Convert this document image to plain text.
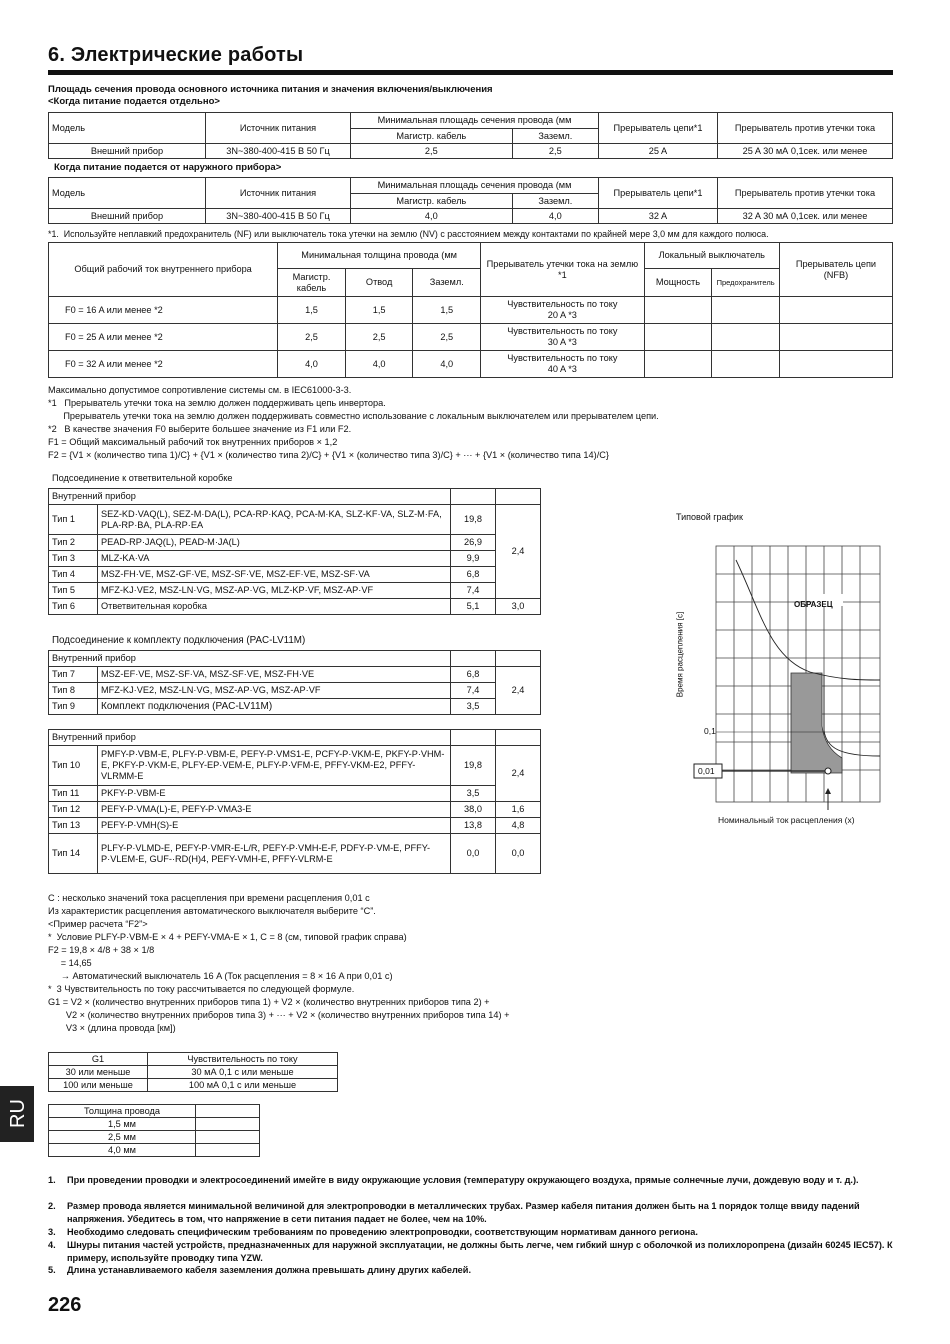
6. Электрические работы
Площадь сечения провода основного источника питания и значения включения/выключения
<Когда питание подается отдельно>
Модель	Источник питания	Минимальная площадь сечения провода (мм		Прерыватель цепи*1	Прерыватель против утечки тока
		Магистр. кабель	Заземл.		
Внешний прибор	3N~380-400-415 В 50 Гц	2,5	2,5	25 A	25 A 30 мА 0,1сек. или менее
Когда питание подается от наружного прибора>
Модель	Источник питания	Минимальная площадь сечения провода (мм		Прерыватель цепи*1	Прерыватель против утечки тока
		Магистр. кабель	Заземл.		
Внешний прибор	3N~380-400-415 В 50 Гц	4,0	4,0	32 A	32 A 30 мА 0,1сек. или менее
*1.  Используйте неплавкий предохранитель (NF) или выключатель тока утечки на землю (NV) с расстоянием между контактами по крайней мере 3,0 мм для каждого полюса.
Общий рабочий ток внутреннего прибора	Минимальная толщина провода (мм			Прерыватель утечки тока на землю *1	Локальный выключатель		Прерыватель цепи (NFB)
	Магистр. кабель	Отвод	Заземл.		Мощность	Предохранитель	
F0 = 16 A или менее *2	1,5	1,5	1,5	Чувствительность по току
20 A *3			

F0 = 25 A или менее *2	2,5	2,5	2,5	Чувствительность по току
30 A *3			

F0 = 32 A или менее *2	4,0	4,0	4,0	Чувствительность по току
40 A *3			

Максимально допустимое сопротивление системы см. в IEC61000-3-3.
*1   Прерыватель утечки тока на землю должен поддерживать цепь инвертора.
Прерыватель утечки тока на землю должен поддерживать совместно использование с локальным выключателем или прерывателем цепи.
*2   В качестве значения F0 выберите большее значение из F1 или F2.
F1 = Общий максимальный рабочий ток внутренних приборов × 1,2
F2 = {V1 × (количество типа 1)/C} + {V1 × (количество типа 2)/C} + {V1 × (количество типа 3)/C} + ··· + {V1 × (количество типа 14)/C}
Подсоединение к ответвительной коробке
Внутренний прибор			
Тип 1	SEZ-KD·VAQ(L), SEZ-M·DA(L), PCA-RP·KAQ, PCA-M·KA, SLZ-KF·VA, SLZ-M·FA, PLA-RP·BA, PLA-RP·EA	19,8	2,4
Тип 2	PEAD-RP·JAQ(L), PEAD-M·JA(L)	26,9	
Тип 3	MLZ-KA·VA	9,9	
Тип 4	MSZ-FH·VE, MSZ-GF·VE, MSZ-SF·VE, MSZ-EF·VE, MSZ-SF·VA	6,8	
Тип 5	MFZ-KJ·VE2, MSZ-LN·VG, MSZ-AP·VG, MLZ-KP·VF, MSZ-AP·VF	7,4	
Тип 6	Ответвительная коробка	5,1	3,0
Подсоединение к комплекту подключения (PAC-LV11M)
Внутренний прибор			
Тип 7	MSZ-EF·VE, MSZ-SF·VA, MSZ-SF·VE, MSZ-FH·VE	6,8	2,4
Тип 8	MFZ-KJ·VE2, MSZ-LN·VG, MSZ-AP·VG, MSZ-AP·VF	7,4	
Тип 9	Комплект подключения (PAC-LV11M)	3,5	
Внутренний прибор			
Тип 10	PMFY-P·VBM-E, PLFY-P·VBM-E, PEFY-P·VMS1-E, PCFY-P·VKM-E, PKFY-P·VHM-E, PKFY-P·VKM-E, PLFY-EP·VEM-E, PLFY-P·VFM-E, PFFY-VKM-E2, PFFY-VLRMM-E	19,8	2,4
Тип 11	PKFY-P·VBM-E	3,5	
Тип 12	PEFY-P·VMA(L)-E, PEFY-P·VMA3-E	38,0	1,6
Тип 13	PEFY-P·VMH(S)-E	13,8	4,8
Тип 14	PLFY-P·VLMD-E, PEFY-P·VMR-E-L/R, PEFY-P·VMH-E-F, PDFY-P·VM-E, PFFY-P·VLEM-E, GUF-·RD(H)4, PEFY-VMH-E, PFFY-VLRM-E	0,0	0,0
Типовой график
ОБРАЗЕЦ
0,1
0,01
Время расцепления [с]
Номинальный ток расцепления (x)
C : несколько значений тока расцепления при времени расцепления 0,01 с
Из характеристик расцепления автоматического выключателя выберите “C”.
<Пример расчета “F2”>
*  Условие PLFY-P·VBM-E × 4 + PEFY-VMA-E × 1, C = 8 (см, типовой график справа)
F2 = 19,8 × 4/8 + 38 × 1/8
= 14,65
→ Автоматический выключатель 16 A (Ток расцепления = 8 × 16 A при 0,01 с)
*  3 Чувствительность по току рассчитывается по следующей формуле.
G1 = V2 × (количество внутренних приборов типа 1) + V2 × (количество внутренних приборов типа 2) +
V2 × (количество внутренних приборов типа 3) + ··· + V2 × (количество внутренних приборов типа 14) +
V3 × (длина провода [км])
G1	Чувствительность по току
30 или меньше	30 мА 0,1 с или меньше
100 или меньше	100 мА 0,1 с или меньше
Толщина провода	
1,5 мм	
2,5 мм	
4,0 мм	
RU
1. При проведении проводки и электросоединений имейте в виду окружающие условия (температуру окружающего воздуха, прямые солнечные лучи, дождевую воду и т. д.).
2. Размер провода является минимальной величиной для электропроводки в металлических трубах. Размер кабеля питания должен быть на 1 порядок толще ввиду падений напряжения. Убедитесь в том, что напряжение в сети питания падает не более, чем на 10%.
3. Необходимо следовать специфическим требованиям по проведению электропроводки, соответствующим нормативам данного региона.
4. Шнуры питания частей устройств, предназначенных для наружной эксплуатации, не должны быть легче, чем гибкий шнур с оболочкой из полихлоропрена (дизайн 60245 IEC57). К примеру, используйте проводку типа YZW.
5. Длина устанавливаемого кабеля заземления должна превышать длину других кабелей.
226
